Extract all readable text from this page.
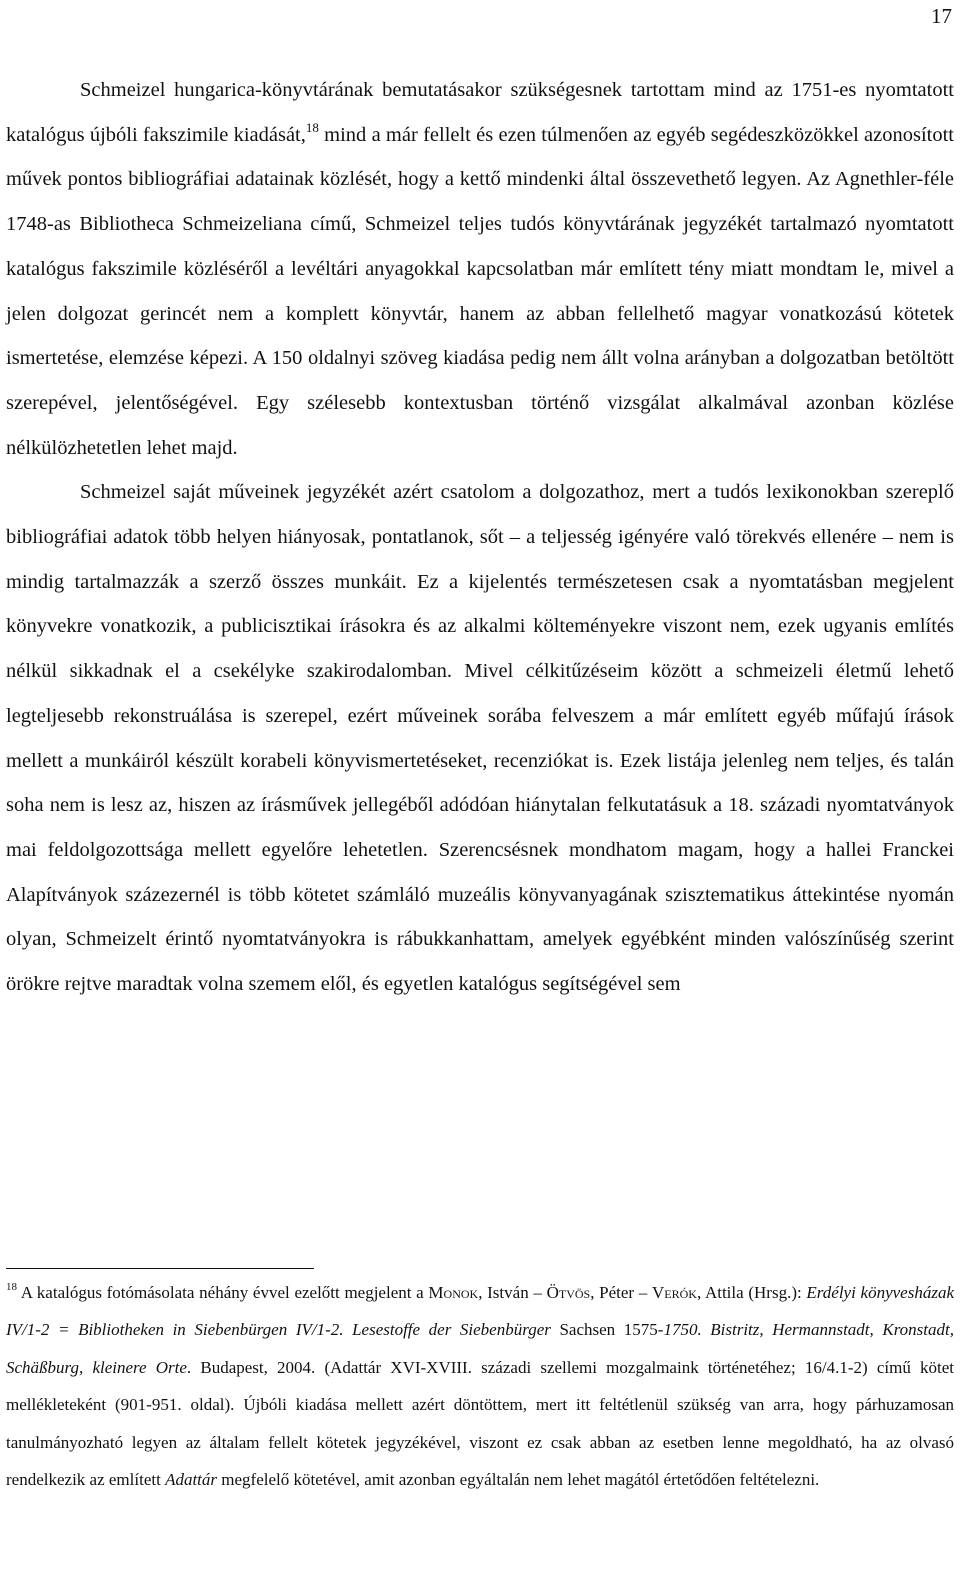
17

Schmeizel hungarica-könyvtárának bemutatásakor szükségesnek tartottam mind az 1751-es nyomtatott katalógus újbóli fakszimile kiadását,$^{18}$ mind a már fellelt és ezen túlmenően az egyéb segédeszközökkel azonosított művek pontos bibliográfiai adatainak közlését, hogy a kettő mindenki által összevethető legyen. Az Agnethler-féle 1748-as Bibliotheca Schmeizeliana című, Schmeizel teljes tudós könyvtárának jegyzékét tartalmazó nyomtatott katalógus fakszimile közléséről a levéltári anyagokkal kapcsolatban már említett tény miatt mondtam le, mivel a jelen dolgozat gerincét nem a komplett könyvtár, hanem az abban fellelhető magyar vonatkozású kötetek ismertetése, elemzése képezi. A 150 oldalnyi szöveg kiadása pedig nem állt volna arányban a dolgozatban betöltött szerepével, jelentőségével. Egy szélesebb kontextusban történő vizsgálat alkalmával azonban közlése nélkülözhetetlen lehet majd.

Schmeizel saját műveinek jegyzékét azért csatolom a dolgozathoz, mert a tudós lexikonokban szereplő bibliográfiai adatok több helyen hiányosak, pontatlanok, sőt – a teljesség igényére való törekvés ellenére – nem is mindig tartalmazzák a szerző összes munkáit. Ez a kijelentés természetesen csak a nyomtatásban megjelent könyvekre vonatkozik, a publicisztikai írásokra és az alkalmi költeményekre viszont nem, ezek ugyanis említés nélkül sikkadnak el a csekélyke szakirodalomban. Mivel célkitűzéseim között a schmeizeli életmű lehető legteljesebb rekonstruálása is szerepel, ezért műveinek sorába felveszem a már említett egyéb műfajú írások mellett a munkáiról készült korabeli könyvismertetéseket, recenziókat is. Ezek listája jelenleg nem teljes, és talán soha nem is lesz az, hiszen az írásművek jellegéből adódóan hiánytalan felkutatásuk a 18. századi nyomtatványok mai feldolgozottsága mellett egyelőre lehetetlen. Szerencsésnek mondhatom magam, hogy a hallei Franckei Alapítványok százezernél is több kötetet számláló muzeális könyvanyagának szisztematikus áttekintése nyomán olyan, Schmeizelt érintő nyomtatványokra is rábukkanhattam, amelyek egyébként minden valószínűség szerint örökre rejtve maradtak volna szemem elől, és egyetlen katalógus segítségével sem

$^{18}$ A katalógus fotómásolata néhány évvel ezelőtt megjelent a Monok, István – Ötvös, Péter – Verók, Attila (Hrsg.): Erdélyi könyvesházak IV/1-2 = Bibliotheken in Siebenbürgen IV/1-2. Lesestoffe der Siebenbürger Sachsen 1575-1750. Bistritz, Hermannstadt, Kronstadt, Schäßburg, kleinere Orte. Budapest, 2004. (Adattár XVI-XVIII. századi szellemi mozgalmaink történetéhez; 16/4.1-2) című kötet mellékleteként (901-951. oldal). Újbóli kiadása mellett azért döntöttem, mert itt feltétlenül szükség van arra, hogy párhuzamosan tanulmányozható legyen az általam fellelt kötetek jegyzékével, viszont ez csak abban az esetben lenne megoldható, ha az olvasó rendelkezik az említett Adattár megfelelő kötetével, amit azonban egyáltalán nem lehet magától értetődően feltételezni.
